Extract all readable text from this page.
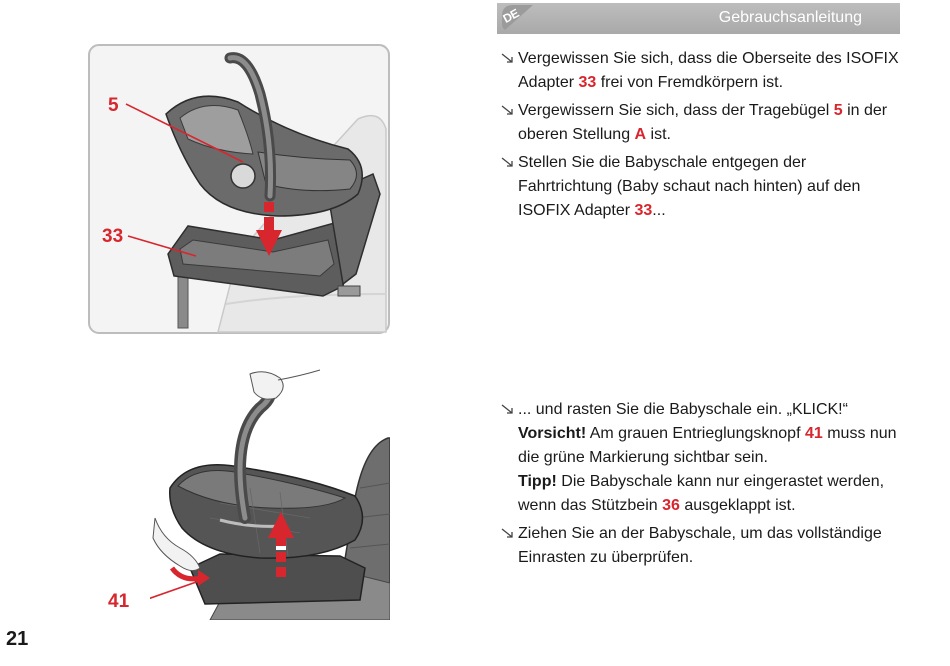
DE	Gebrauchsanleitung
5
33
Vergewissen Sie sich, dass die Oberseite des ISOFIX Adapter 33 frei von Fremdkörpern ist.
Vergewissern Sie sich, dass der Tragebügel 5 in der oberen Stellung A ist.
Stellen Sie die Babyschale entgegen der Fahrtrichtung (Baby schaut nach hinten) auf den ISOFIX Adapter 33...
41
... und rasten Sie die Babyschale ein. „KLICK!“
Vorsicht! Am grauen Entrieglungsknopf 41 muss nun die grüne Markierung sichtbar sein.
Tipp! Die Babyschale kann nur eingerastet werden, wenn das Stützbein 36 ausgeklappt ist.
Ziehen Sie an der Babyschale, um das vollständige Einrasten zu überprüfen.
21
